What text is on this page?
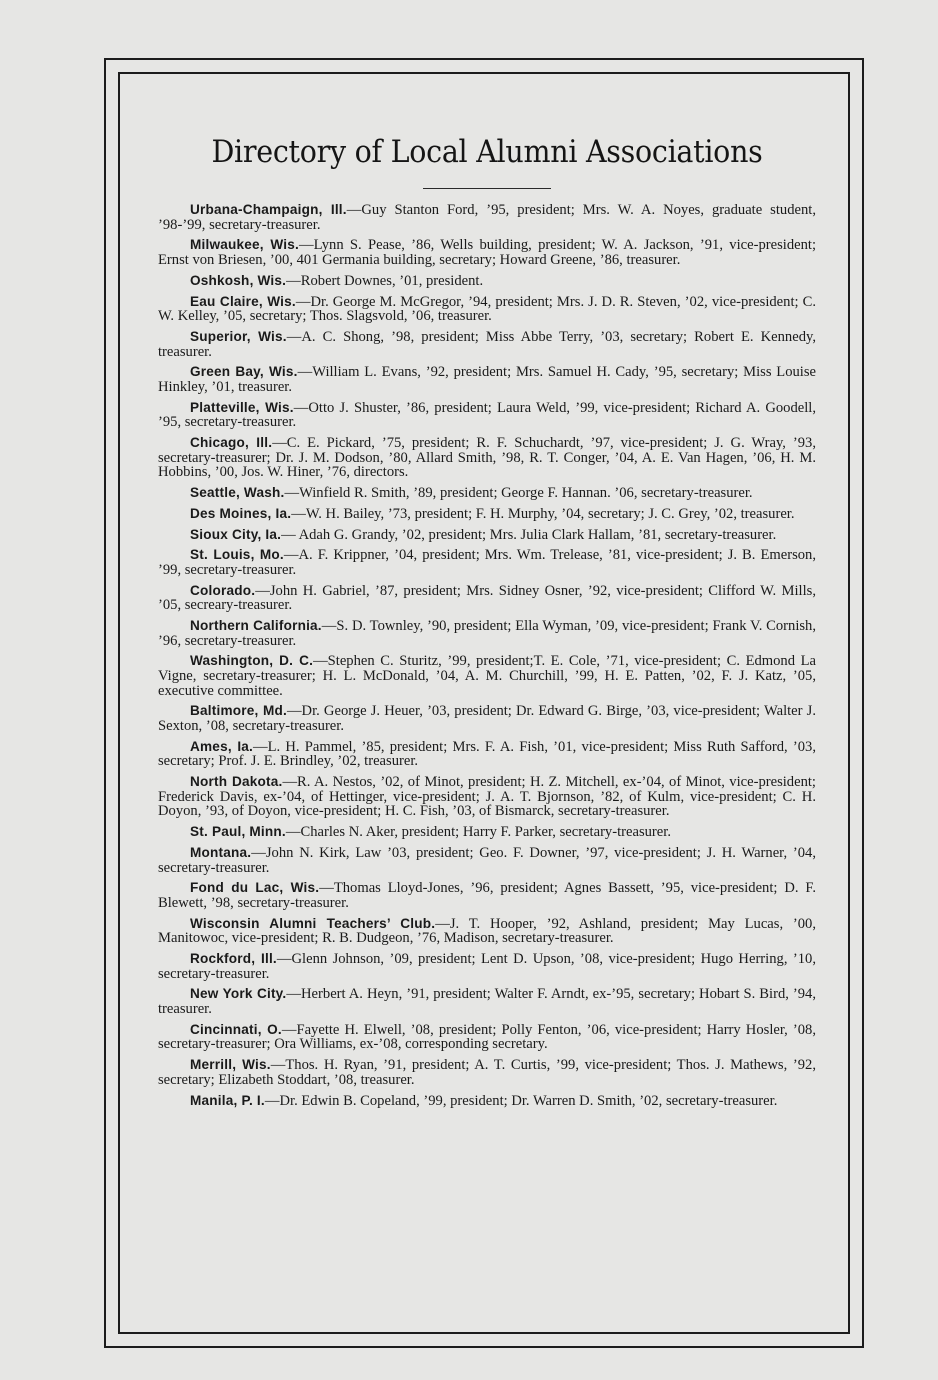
Directory of Local Alumni Associations

Urbana-Champaign, Ill.—Guy Stanton Ford, ’95, president; Mrs. W. A. Noyes, graduate student, ’98-’99, secretary-treasurer.

Milwaukee, Wis.—Lynn S. Pease, ’86, Wells building, president; W. A. Jackson, ’91, vice-president; Ernst von Briesen, ’00, 401 Germania building, secretary; Howard Greene, ’86, treasurer.

Oshkosh, Wis.—Robert Downes, ’01, president.

Eau Claire, Wis.—Dr. George M. McGregor, ’94, president; Mrs. J. D. R. Steven, ’02, vice-president; C. W. Kelley, ’05, secretary; Thos. Slagsvold, ’06, treasurer.

Superior, Wis.—A. C. Shong, ’98, president; Miss Abbe Terry, ’03, secretary; Robert E. Kennedy, treasurer.

Green Bay, Wis.—William L. Evans, ’92, president; Mrs. Samuel H. Cady, ’95, secretary; Miss Louise Hinkley, ’01, treasurer.

Platteville, Wis.—Otto J. Shuster, ’86, president; Laura Weld, ’99, vice-president; Richard A. Goodell, ’95, secretary-treasurer.

Chicago, Ill.—C. E. Pickard, ’75, president; R. F. Schuchardt, ’97, vice-president; J. G. Wray, ’93, secretary-treasurer; Dr. J. M. Dodson, ’80, Allard Smith, ’98, R. T. Conger, ’04, A. E. Van Hagen, ’06, H. M. Hobbins, ’00, Jos. W. Hiner, ’76, directors.

Seattle, Wash.—Winfield R. Smith, ’89, president; George F. Hannan. ’06, secretary-treasurer.

Des Moines, Ia.—W. H. Bailey, ’73, president; F. H. Murphy, ’04, secretary; J. C. Grey, ’02, treasurer.

Sioux City, Ia.— Adah G. Grandy, ’02, president; Mrs. Julia Clark Hallam, ’81, secretary-treasurer.

St. Louis, Mo.—A. F. Krippner, ’04, president; Mrs. Wm. Trelease, ’81, vice-president; J. B. Emerson, ’99, secretary-treasurer.

Colorado.—John H. Gabriel, ’87, president; Mrs. Sidney Osner, ’92, vice-president; Clifford W. Mills, ’05, secreary-treasurer.

Northern California.—S. D. Townley, ’90, president; Ella Wyman, ’09, vice-president; Frank V. Cornish, ’96, secretary-treasurer.

Washington, D. C.—Stephen C. Sturitz, ’99, president;T. E. Cole, ’71, vice-president; C. Edmond La Vigne, secretary-treasurer; H. L. McDonald, ’04, A. M. Churchill, ’99, H. E. Patten, ’02, F. J. Katz, ’05, executive committee.

Baltimore, Md.—Dr. George J. Heuer, ’03, president; Dr. Edward G. Birge, ’03, vice-president; Walter J. Sexton, ’08, secretary-treasurer.

Ames, Ia.—L. H. Pammel, ’85, president; Mrs. F. A. Fish, ’01, vice-president; Miss Ruth Safford, ’03, secretary; Prof. J. E. Brindley, ’02, treasurer.

North Dakota.—R. A. Nestos, ’02, of Minot, president; H. Z. Mitchell, ex-’04, of Minot, vice-president; Frederick Davis, ex-’04, of Hettinger, vice-president; J. A. T. Bjornson, ’82, of Kulm, vice-president; C. H. Doyon, ’93, of Doyon, vice-president; H. C. Fish, ’03, of Bismarck, secretary-treasurer.

St. Paul, Minn.—Charles N. Aker, president; Harry F. Parker, secretary-treasurer.

Montana.—John N. Kirk, Law ’03, president; Geo. F. Downer, ’97, vice-president; J. H. Warner, ’04, secretary-treasurer.

Fond du Lac, Wis.—Thomas Lloyd-Jones, ’96, president; Agnes Bassett, ’95, vice-president; D. F. Blewett, ’98, secretary-treasurer.

Wisconsin Alumni Teachers’ Club.—J. T. Hooper, ’92, Ashland, president; May Lucas, ’00, Manitowoc, vice-president; R. B. Dudgeon, ’76, Madison, secretary-treasurer.

Rockford, Ill.—Glenn Johnson, ’09, president; Lent D. Upson, ’08, vice-president; Hugo Herring, ’10, secretary-treasurer.

New York City.—Herbert A. Heyn, ’91, president; Walter F. Arndt, ex-’95, secretary; Hobart S. Bird, ’94, treasurer.

Cincinnati, O.—Fayette H. Elwell, ’08, president; Polly Fenton, ’06, vice-president; Harry Hosler, ’08, secretary-treasurer; Ora Williams, ex-’08, corresponding secretary.

Merrill, Wis.—Thos. H. Ryan, ’91, president; A. T. Curtis, ’99, vice-president; Thos. J. Mathews, ’92, secretary; Elizabeth Stoddart, ’08, treasurer.

Manila, P. I.—Dr. Edwin B. Copeland, ’99, president; Dr. Warren D. Smith, ’02, secretary-treasurer.
